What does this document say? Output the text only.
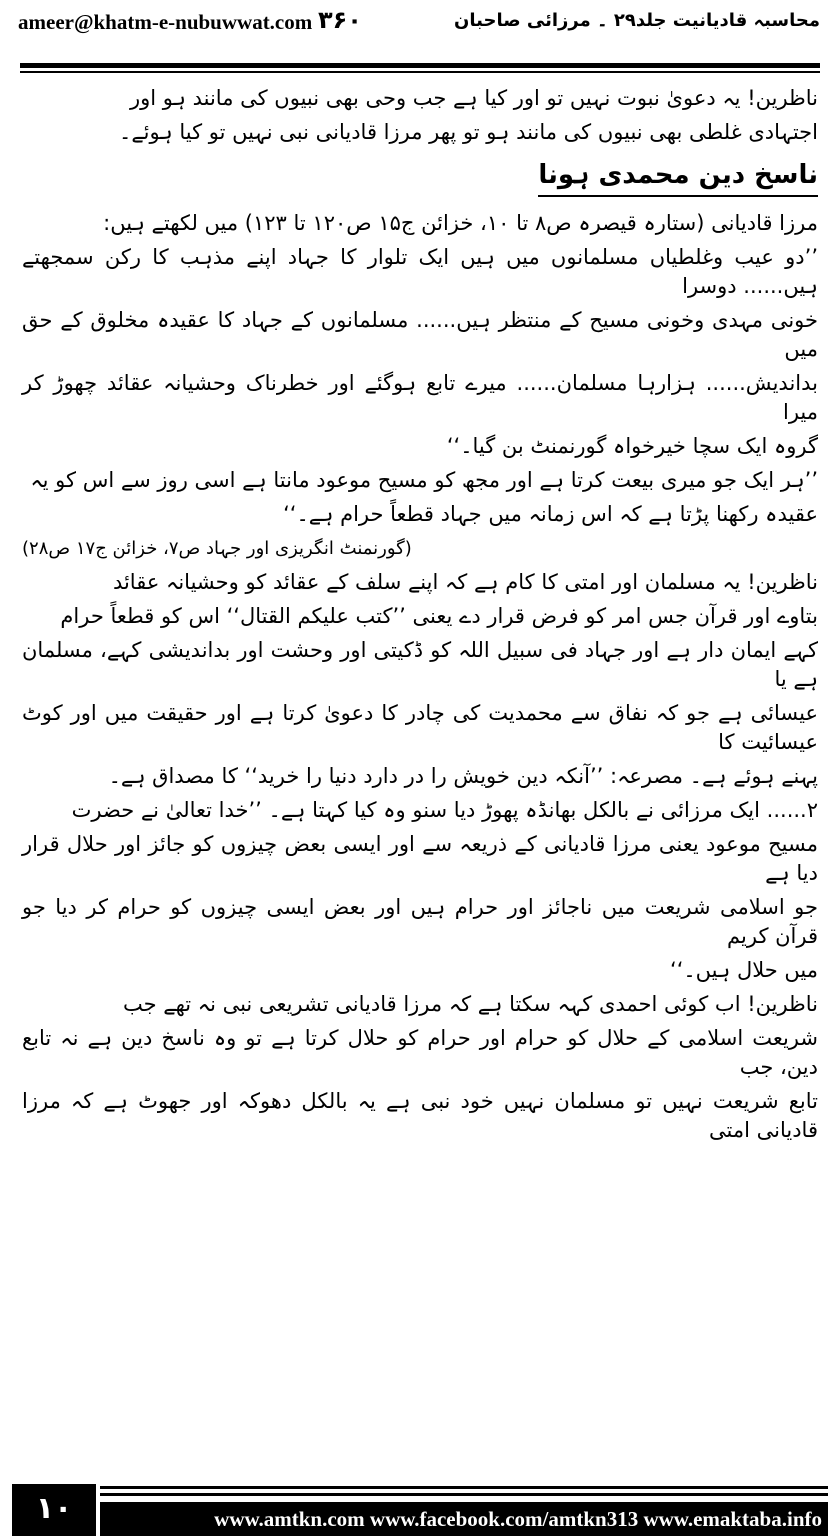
ameer@khatm-e-nubuwwat.com ۳۶۰	محاسبہ قادیانیت جلد۲۹ ۔ مرزائی صاحبان

ناظرین! یہ دعویٰ نبوت نہیں تو اور کیا ہے جب وحی بھی نبیوں کی مانند ہو اور

اجتہادی غلطی بھی نبیوں کی مانند ہو تو پھر مرزا قادیانی نبی نہیں تو کیا ہوئے۔

ناسخ دین محمدی ہونا

مرزا قادیانی (ستارہ قیصرہ ص۸ تا ۱۰، خزائن ج۱۵ ص۱۲۰ تا ۱۲۳) میں لکھتے ہیں:

’’دو عیب وغلطیاں مسلمانوں میں ہیں ایک تلوار کا جہاد اپنے مذہب کا رکن سمجھتے ہیں...... دوسرا

خونی مہدی وخونی مسیح کے منتظر ہیں...... مسلمانوں کے جہاد کا عقیدہ مخلوق کے حق میں

بداندیش...... ہزارہا مسلمان...... میرے تابع ہوگئے اور خطرناک وحشیانہ عقائد چھوڑ کر میرا

گروہ ایک سچا خیرخواہ گورنمنٹ بن گیا۔‘‘

’’ہر ایک جو میری بیعت کرتا ہے اور مجھ کو مسیح موعود مانتا ہے اسی روز سے اس کو یہ

عقیدہ رکھنا پڑتا ہے کہ اس زمانہ میں جہاد قطعاً حرام ہے۔‘‘

(گورنمنٹ انگریزی اور جہاد ص۷، خزائن ج۱۷ ص۲۸)

ناظرین! یہ مسلمان اور امتی کا کام ہے کہ اپنے سلف کے عقائد کو وحشیانہ عقائد

بتاوے اور قرآن جس امر کو فرض قرار دے یعنی ’’کتب علیکم القتال‘‘ اس کو قطعاً حرام

کہے ایمان دار ہے اور جہاد فی سبیل اللہ کو ڈکیتی اور وحشت اور بداندیشی کہے، مسلمان ہے یا

عیسائی ہے جو کہ نفاق سے محمدیت کی چادر کا دعویٰ کرتا ہے اور حقیقت میں اور کوٹ عیسائیت کا

پہنے ہوئے ہے۔ مصرعہ: ’’آنکہ دین خویش را در دارد دنیا را خرید‘‘ کا مصداق ہے۔

۲...... ایک مرزائی نے بالکل بھانڈہ پھوڑ دیا سنو وہ کیا کہتا ہے۔ ’’خدا تعالیٰ نے حضرت

مسیح موعود یعنی مرزا قادیانی کے ذریعہ سے اور ایسی بعض چیزوں کو جائز اور حلال قرار دیا ہے

جو اسلامی شریعت میں ناجائز اور حرام ہیں اور بعض ایسی چیزوں کو حرام کر دیا جو قرآن کریم

میں حلال ہیں۔‘‘

ناظرین! اب کوئی احمدی کہہ سکتا ہے کہ مرزا قادیانی تشریعی نبی نہ تھے جب

شریعت اسلامی کے حلال کو حرام اور حرام کو حلال کرتا ہے تو وہ ناسخ دین ہے نہ تابع دین، جب

تابع شریعت نہیں تو مسلمان نہیں خود نبی ہے یہ بالکل دھوکہ اور جھوٹ ہے کہ مرزا قادیانی امتی

۱۰	www.amtkn.com www.facebook.com/amtkn313 www.emaktaba.info
